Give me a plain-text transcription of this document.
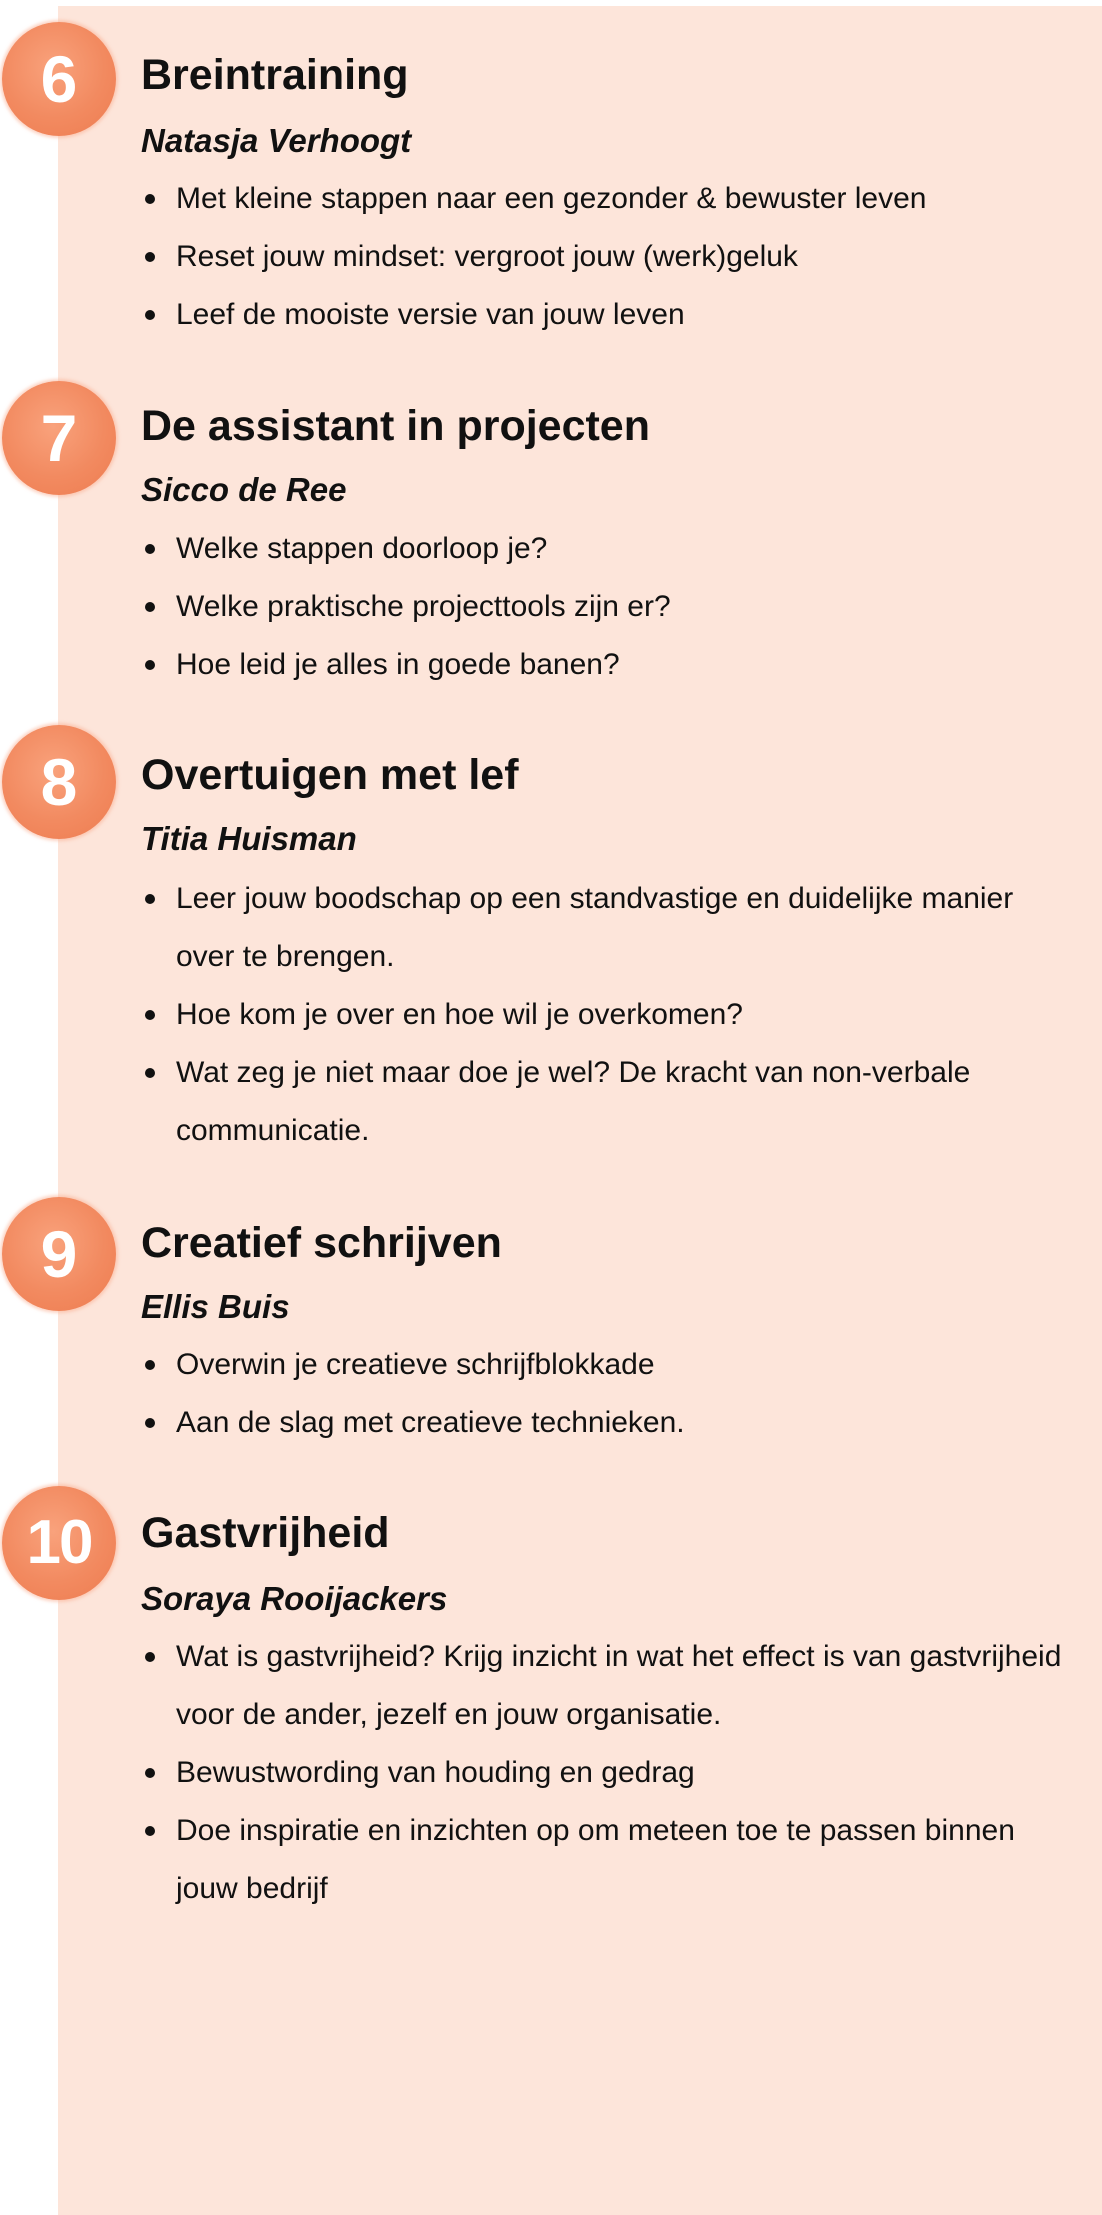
6 Breintraining
Natasja Verhoogt
Met kleine stappen naar een gezonder & bewuster leven
Reset jouw mindset: vergroot jouw (werk)geluk
Leef de mooiste versie van jouw leven
7 De assistant in projecten
Sicco de Ree
Welke stappen doorloop je?
Welke praktische projecttools zijn er?
Hoe leid je alles in goede banen?
8 Overtuigen met lef
Titia Huisman
Leer jouw boodschap op een standvastige en duidelijke manier over te brengen.
Hoe kom je over en hoe wil je overkomen?
Wat zeg je niet maar doe je wel? De kracht van non-verbale communicatie.
9 Creatief schrijven
Ellis Buis
Overwin je creatieve schrijfblokkade
Aan de slag met creatieve technieken.
10 Gastvrijheid
Soraya Rooijackers
Wat is gastvrijheid? Krijg inzicht in wat het effect is van gastvrijheid voor de ander, jezelf en jouw organisatie.
Bewustwording van houding en gedrag
Doe inspiratie en inzichten op om meteen toe te passen binnen jouw bedrijf
